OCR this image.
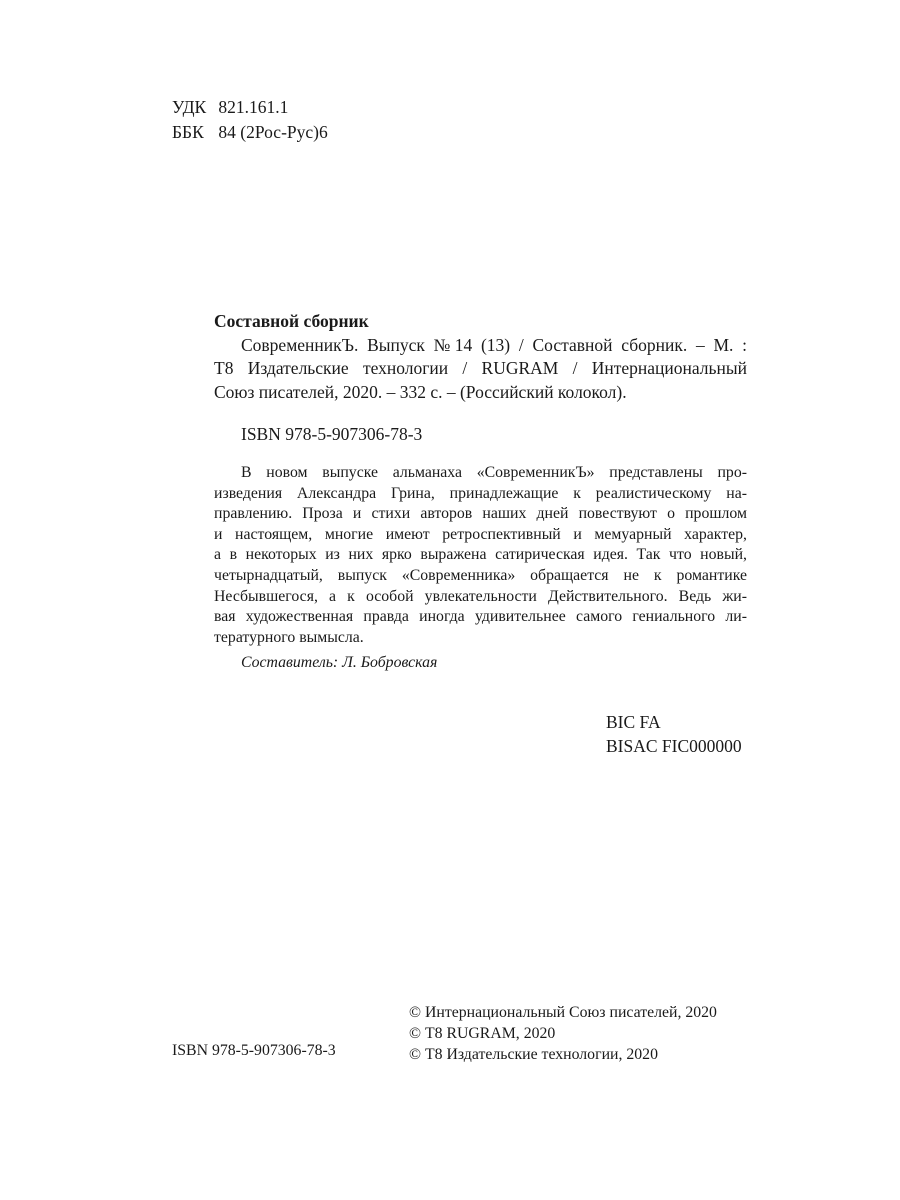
УДК 821.161.1
ББК 84 (2Рос-Рус)6
Составной сборник
СовременникЪ. Выпуск №14 (13) / Составной сборник. – М. :
Т8 Издательские технологии / RUGRAM / Интернациональный
Союз писателей, 2020. – 332 с. – (Российский колокол).
ISBN 978-5-907306-78-3
В новом выпуске альманаха «СовременникЪ» представлены про-
изведения Александра Грина, принадлежащие к реалистическому на-
правлению. Проза и стихи авторов наших дней повествуют о прошлом
и настоящем, многие имеют ретроспективный и мемуарный характер,
а в некоторых из них ярко выражена сатирическая идея. Так что новый,
четырнадцатый, выпуск «Современника» обращается не к романтике
Несбывшегося, а к особой увлекательности Действительного. Ведь жи-
вая художественная правда иногда удивительнее самого гениального ли-
тературного вымысла.
Составитель: Л. Бобровская
BIC FA
BISAC FIC000000
ISBN 978-5-907306-78-3
© Интернациональный Союз писателей, 2020
© Т8 RUGRAM, 2020
© Т8 Издательские технологии, 2020
